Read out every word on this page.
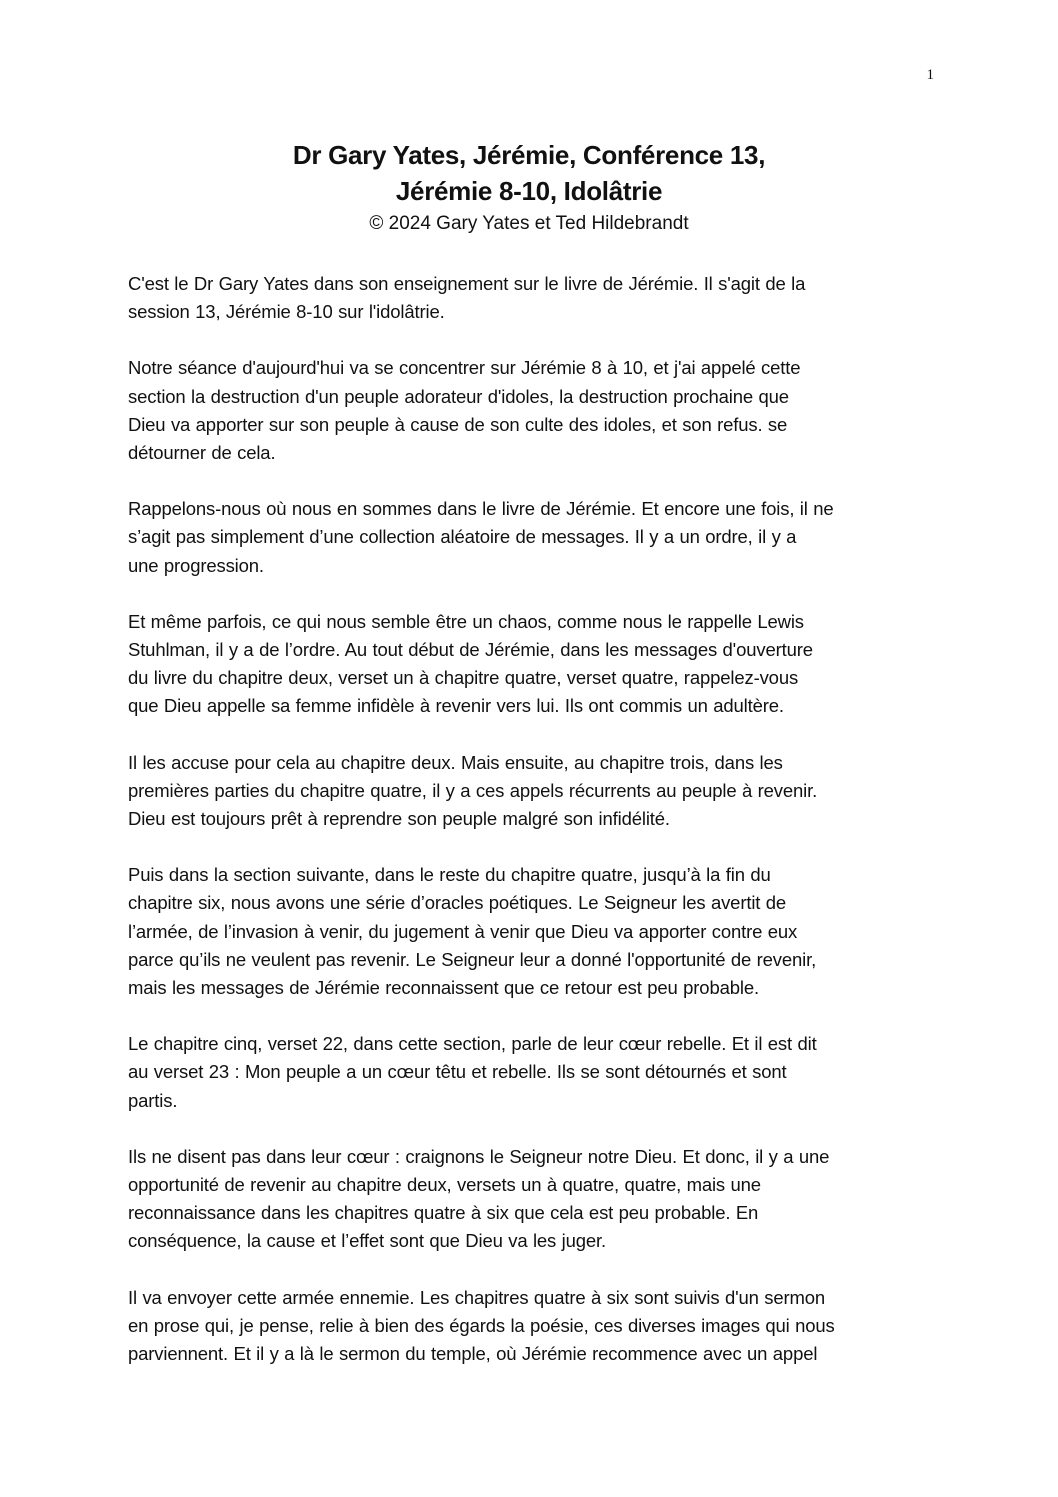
1
Dr Gary Yates, Jérémie, Conférence 13,
Jérémie 8-10, Idolâtrie
© 2024 Gary Yates et Ted Hildebrandt

C'est le Dr Gary Yates dans son enseignement sur le livre de Jérémie. Il s'agit de la
session 13, Jérémie 8-10 sur l'idolâtrie.

Notre séance d'aujourd'hui va se concentrer sur Jérémie 8 à 10, et j'ai appelé cette
section la destruction d'un peuple adorateur d'idoles, la destruction prochaine que
Dieu va apporter sur son peuple à cause de son culte des idoles, et son refus. se
détourner de cela.

Rappelons-nous où nous en sommes dans le livre de Jérémie. Et encore une fois, il ne
s’agit pas simplement d’une collection aléatoire de messages. Il y a un ordre, il y a
une progression.

Et même parfois, ce qui nous semble être un chaos, comme nous le rappelle Lewis
Stuhlman, il y a de l’ordre. Au tout début de Jérémie, dans les messages d'ouverture
du livre du chapitre deux, verset un à chapitre quatre, verset quatre, rappelez-vous
que Dieu appelle sa femme infidèle à revenir vers lui. Ils ont commis un adultère.

Il les accuse pour cela au chapitre deux. Mais ensuite, au chapitre trois, dans les
premières parties du chapitre quatre, il y a ces appels récurrents au peuple à revenir.
Dieu est toujours prêt à reprendre son peuple malgré son infidélité.

Puis dans la section suivante, dans le reste du chapitre quatre, jusqu’à la fin du
chapitre six, nous avons une série d’oracles poétiques. Le Seigneur les avertit de
l’armée, de l’invasion à venir, du jugement à venir que Dieu va apporter contre eux
parce qu’ils ne veulent pas revenir. Le Seigneur leur a donné l'opportunité de revenir,
mais les messages de Jérémie reconnaissent que ce retour est peu probable.

Le chapitre cinq, verset 22, dans cette section, parle de leur cœur rebelle. Et il est dit
au verset 23 : Mon peuple a un cœur têtu et rebelle. Ils se sont détournés et sont
partis.

Ils ne disent pas dans leur cœur : craignons le Seigneur notre Dieu. Et donc, il y a une
opportunité de revenir au chapitre deux, versets un à quatre, quatre, mais une
reconnaissance dans les chapitres quatre à six que cela est peu probable. En
conséquence, la cause et l’effet sont que Dieu va les juger.

Il va envoyer cette armée ennemie. Les chapitres quatre à six sont suivis d'un sermon
en prose qui, je pense, relie à bien des égards la poésie, ces diverses images qui nous
parviennent. Et il y a là le sermon du temple, où Jérémie recommence avec un appel
